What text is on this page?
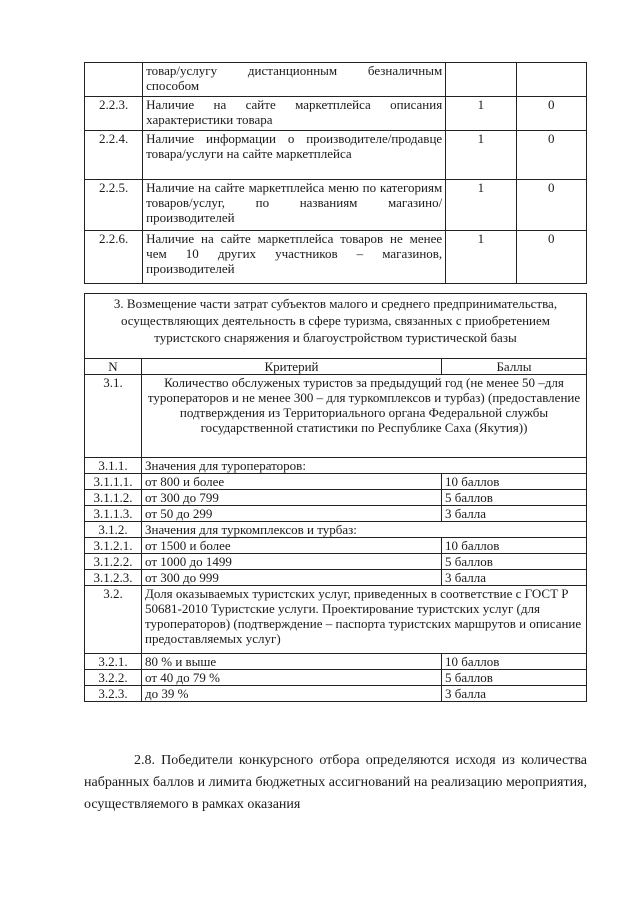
	товар/услугу дистанционным безналичным способом		
2.2.3.	Наличие на сайте маркетплейса описания характеристики товара	1	0
2.2.4.	Наличие информации о производителе/продавце товара/услуги на сайте маркетплейса	1	0
2.2.5.	Наличие на сайте маркетплейса меню по категориям товаров/услуг, по названиям магазино/производителей	1	0
2.2.6.	Наличие на сайте маркетплейса товаров не менее чем 10 других участников – магазинов, производителей	1	0
3. Возмещение части затрат субъектов малого и среднего предпринимательства, осуществляющих деятельность в сфере туризма, связанных с приобретением туристского снаряжения и благоустройством туристической базы		
N	Критерий	Баллы
3.1.	Количество обслуженых туристов за предыдущий год (не менее 50 –для туроператоров и не менее 300 – для туркомплексов и турбаз) (предоставление подтверждения из Территориального органа Федеральной службы государственной статистики по Республике Саха (Якутия))	
3.1.1.	Значения для туроператоров:	
3.1.1.1.	от 800 и более	10 баллов
3.1.1.2.	от 300 до 799	5 баллов
3.1.1.3.	от 50 до 299	3 балла
3.1.2.	Значения для туркомплексов и турбаз:	
3.1.2.1.	от 1500 и более	10 баллов
3.1.2.2.	от 1000 до 1499	5 баллов
3.1.2.3.	от 300 до 999	3 балла
3.2.	Доля оказываемых туристских услуг, приведенных в соответствие с ГОСТ Р 50681-2010 Туристские услуги. Проектирование туристских услуг (для туроператоров) (подтверждение – паспорта туристских маршрутов и описание предоставляемых услуг)	
3.2.1.	80 % и выше	10 баллов
3.2.2.	от 40 до 79 %	5 баллов
3.2.3.	до 39 %	3 балла
2.8. Победители конкурсного отбора определяются исходя из количества набранных баллов и лимита бюджетных ассигнований на реализацию мероприятия, осуществляемого в рамках оказания
